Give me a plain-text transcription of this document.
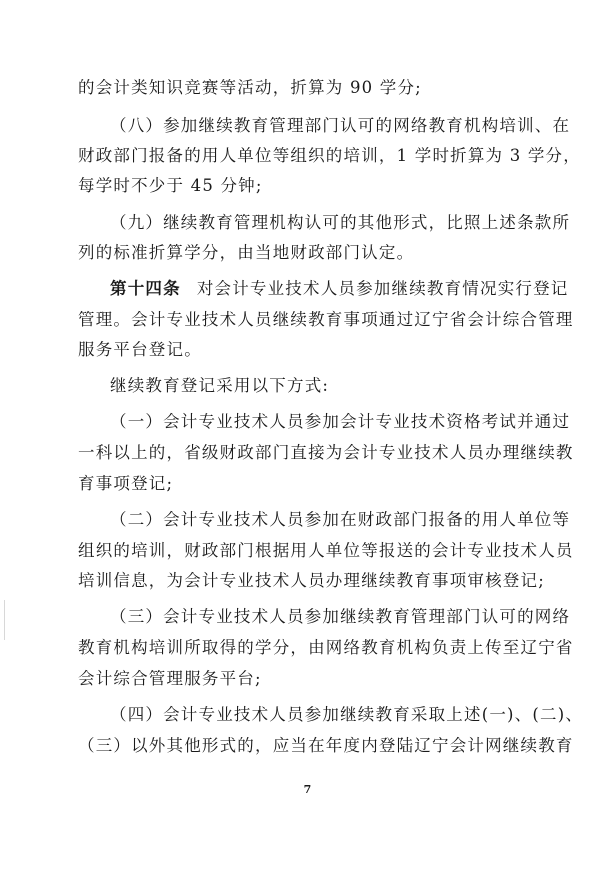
的会计类知识竞赛等活动，折算为 90 学分;
（八）参加继续教育管理部门认可的网络教育机构培训、在
财政部门报备的用人单位等组织的培训，1 学时折算为 3 学分，
每学时不少于 45 分钟;
（九）继续教育管理机构认可的其他形式，比照上述条款所
列的标准折算学分，由当地财政部门认定。
第十四条 对会计专业技术人员参加继续教育情况实行登记
管理。会计专业技术人员继续教育事项通过辽宁省会计综合管理
服务平台登记。
继续教育登记采用以下方式:
（一）会计专业技术人员参加会计专业技术资格考试并通过
一科以上的，省级财政部门直接为会计专业技术人员办理继续教
育事项登记;
（二）会计专业技术人员参加在财政部门报备的用人单位等
组织的培训，财政部门根据用人单位等报送的会计专业技术人员
培训信息，为会计专业技术人员办理继续教育事项审核登记;
（三）会计专业技术人员参加继续教育管理部门认可的网络
教育机构培训所取得的学分，由网络教育机构负责上传至辽宁省
会计综合管理服务平台;
（四）会计专业技术人员参加继续教育采取上述(一)、(二)、
（三）以外其他形式的，应当在年度内登陆辽宁会计网继续教育
7
